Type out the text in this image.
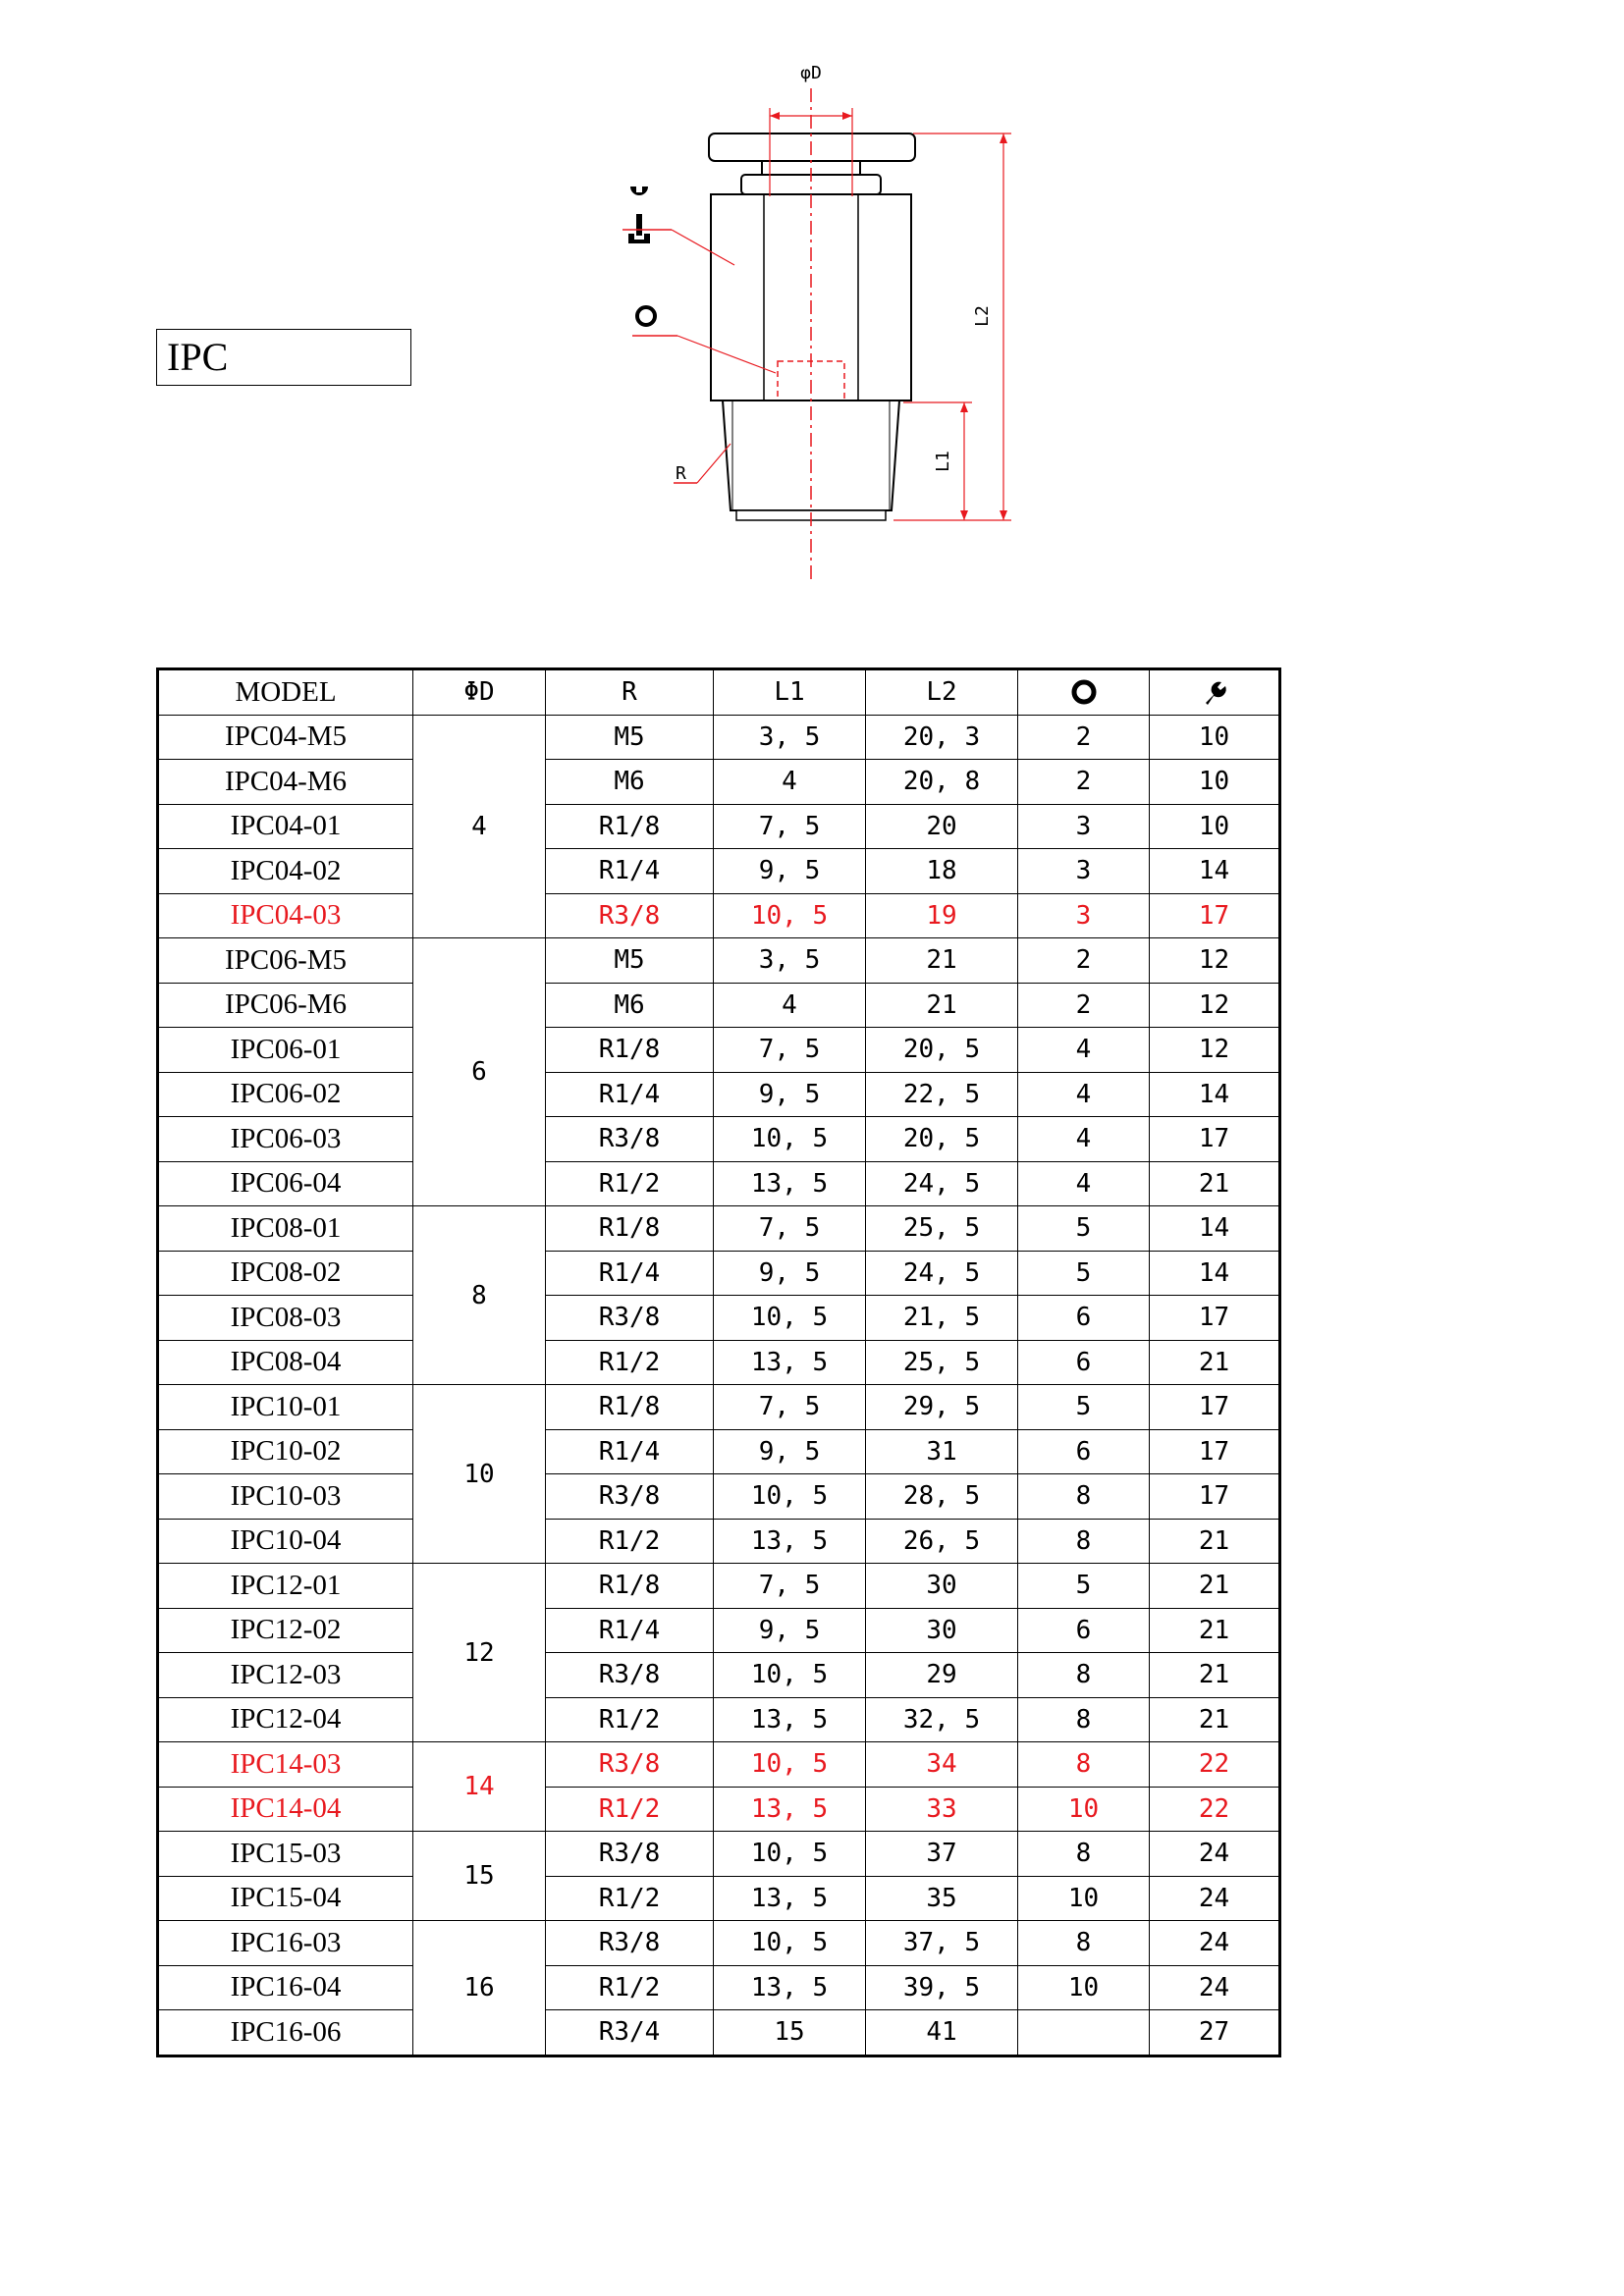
IPC
φD
L2
L1
R
MODEL	ΦD	R	L1	L2		
IPC04-M5	4	M5	3, 5	20, 3	2	10
IPC04-M6		M6	4	20, 8	2	10
IPC04-01		R1/8	7, 5	20	3	10
IPC04-02		R1/4	9, 5	18	3	14
IPC04-03		R3/8	10, 5	19	3	17
IPC06-M5	6	M5	3, 5	21	2	12
IPC06-M6		M6	4	21	2	12
IPC06-01		R1/8	7, 5	20, 5	4	12
IPC06-02		R1/4	9, 5	22, 5	4	14
IPC06-03		R3/8	10, 5	20, 5	4	17
IPC06-04		R1/2	13, 5	24, 5	4	21
IPC08-01	8	R1/8	7, 5	25, 5	5	14
IPC08-02		R1/4	9, 5	24, 5	5	14
IPC08-03		R3/8	10, 5	21, 5	6	17
IPC08-04		R1/2	13, 5	25, 5	6	21
IPC10-01	10	R1/8	7, 5	29, 5	5	17
IPC10-02		R1/4	9, 5	31	6	17
IPC10-03		R3/8	10, 5	28, 5	8	17
IPC10-04		R1/2	13, 5	26, 5	8	21
IPC12-01	12	R1/8	7, 5	30	5	21
IPC12-02		R1/4	9, 5	30	6	21
IPC12-03		R3/8	10, 5	29	8	21
IPC12-04		R1/2	13, 5	32, 5	8	21
IPC14-03	14	R3/8	10, 5	34	8	22
IPC14-04		R1/2	13, 5	33	10	22
IPC15-03	15	R3/8	10, 5	37	8	24
IPC15-04		R1/2	13, 5	35	10	24
IPC16-03	16	R3/8	10, 5	37, 5	8	24
IPC16-04		R1/2	13, 5	39, 5	10	24
IPC16-06		R3/4	15	41		27
